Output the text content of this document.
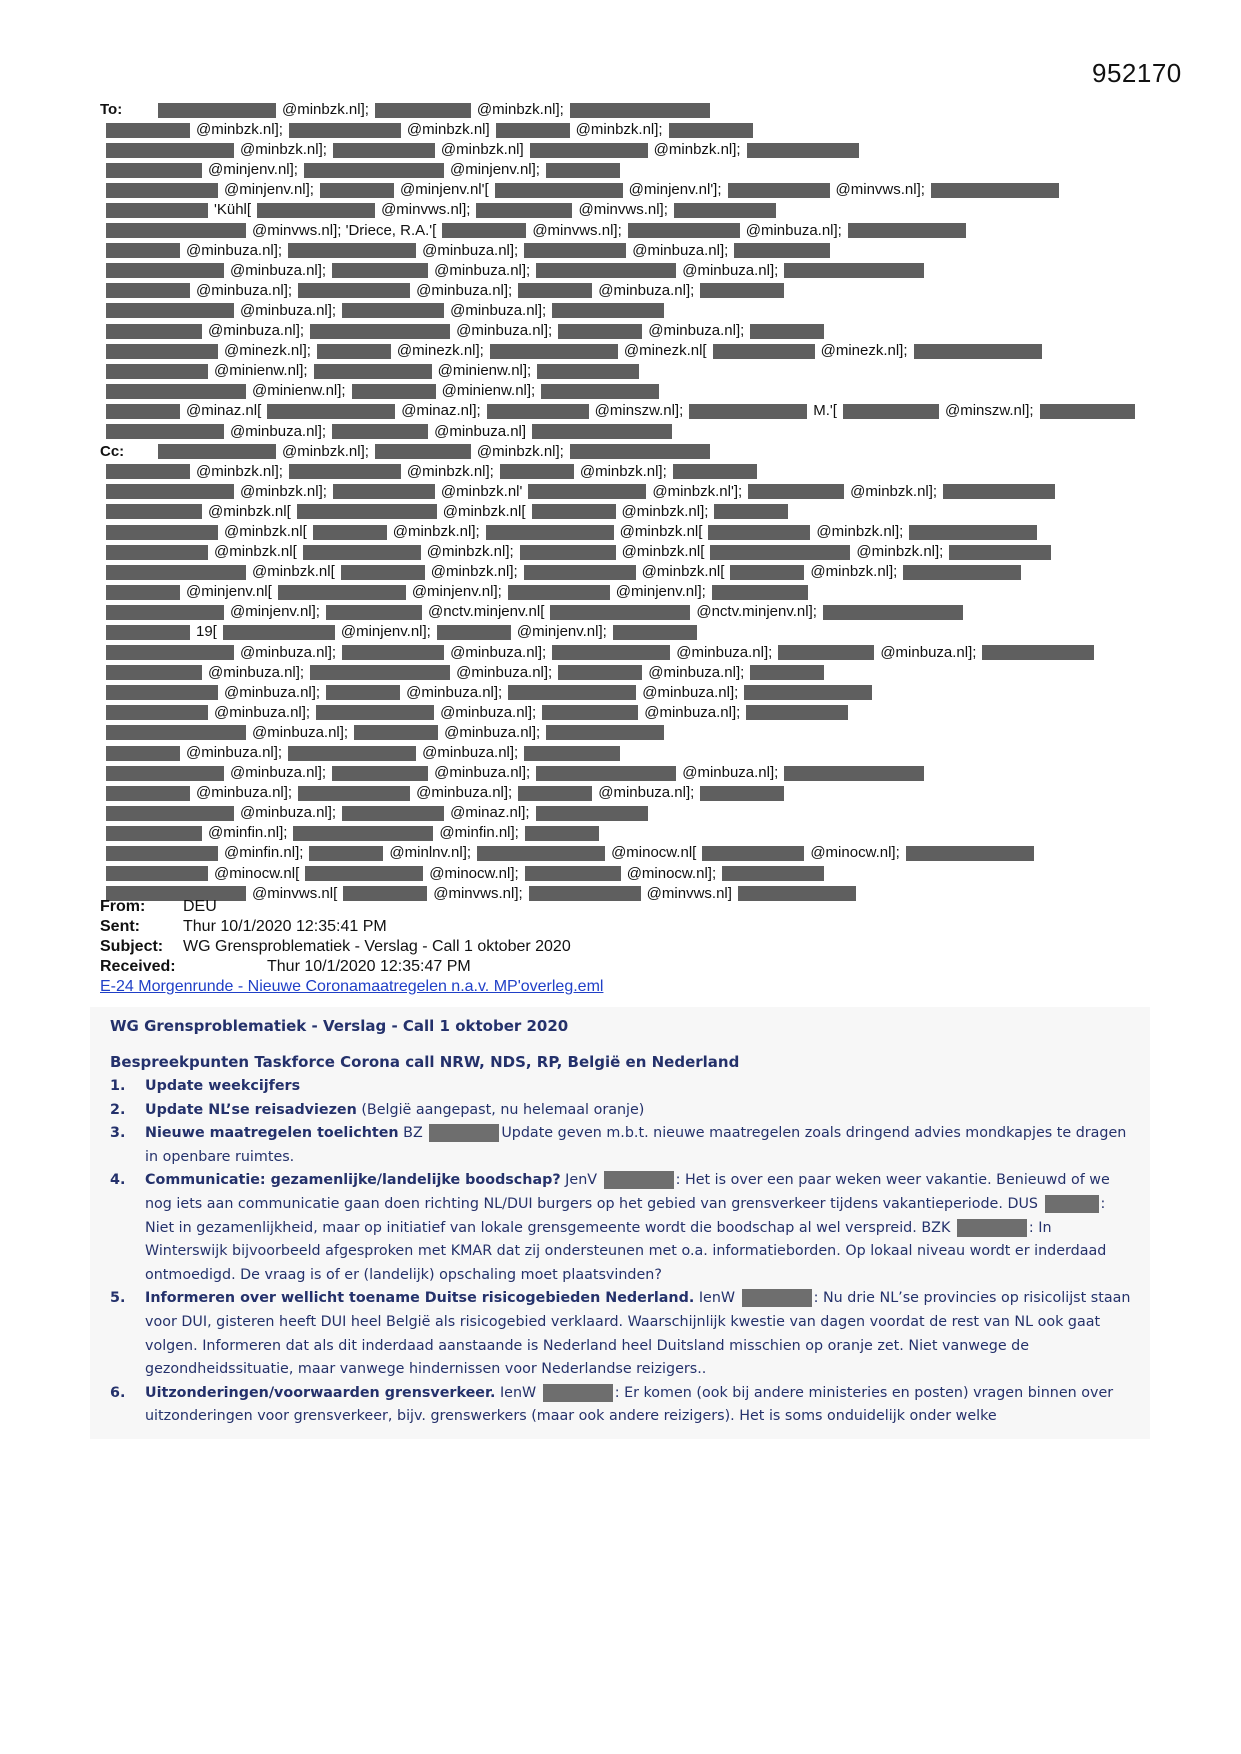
952170
To:	@minbzk.nl];	@minbzk.nl];
@minbzk.nl];	@minbzk.nl]	@minbzk.nl];
@minbzk.nl];	@minbzk.nl]	@minbzk.nl];
@minjenv.nl];	@minjenv.nl];
@minjenv.nl];	@minjenv.nl'[	@minjenv.nl'];	@minvws.nl];
'Kühl[	@minvws.nl];	@minvws.nl];
@minvws.nl]; 'Driece, R.A.'[	@minvws.nl];	@minbuza.nl];
@minbuza.nl];	@minbuza.nl];	@minbuza.nl];
@minbuza.nl];	@minbuza.nl];	@minbuza.nl];
@minbuza.nl];	@minbuza.nl];	@minbuza.nl];
@minbuza.nl];	@minbuza.nl];
@minbuza.nl];	@minbuza.nl];	@minbuza.nl];
@minezk.nl];	@minezk.nl];	@minezk.nl[	@minezk.nl];
@minienw.nl];	@minienw.nl];
@minienw.nl];	@minienw.nl];
@minaz.nl[	@minaz.nl];	@minszw.nl];	M.'[	@minszw.nl];
@minbuza.nl];	@minbuza.nl]
Cc:	@minbzk.nl];	@minbzk.nl];
@minbzk.nl];	@minbzk.nl];	@minbzk.nl];
@minbzk.nl];	@minbzk.nl'	@minbzk.nl'];	@minbzk.nl];
@minbzk.nl[	@minbzk.nl[	@minbzk.nl];
@minbzk.nl[	@minbzk.nl];	@minbzk.nl[	@minbzk.nl];
@minbzk.nl[	@minbzk.nl];	@minbzk.nl[	@minbzk.nl];
@minbzk.nl[	@minbzk.nl];	@minbzk.nl[	@minbzk.nl];
@minjenv.nl[	@minjenv.nl];	@minjenv.nl];
@minjenv.nl];	@nctv.minjenv.nl[	@nctv.minjenv.nl];
19[	@minjenv.nl];	@minjenv.nl];
@minbuza.nl];	@minbuza.nl];	@minbuza.nl];	@minbuza.nl];
@minbuza.nl];	@minbuza.nl];	@minbuza.nl];
@minbuza.nl];	@minbuza.nl];	@minbuza.nl];
@minbuza.nl];	@minbuza.nl];	@minbuza.nl];
@minbuza.nl];	@minbuza.nl];
@minbuza.nl];	@minbuza.nl];
@minbuza.nl];	@minbuza.nl];	@minbuza.nl];
@minbuza.nl];	@minbuza.nl];	@minbuza.nl];
@minbuza.nl];	@minaz.nl];
@minfin.nl];	@minfin.nl];
@minfin.nl];	@minlnv.nl];	@minocw.nl[	@minocw.nl];
@minocw.nl[	@minocw.nl];	@minocw.nl];
@minvws.nl[	@minvws.nl];	@minvws.nl]
From: DEU
Sent:	Thur 10/1/2020 12:35:41 PM
Subject: WG Grensproblematiek - Verslag - Call 1 oktober 2020
Received:	Thur 10/1/2020 12:35:47 PM
E-24 Morgenrunde - Nieuwe Coronamaatregelen n.a.v. MP'overleg.eml
WG Grensproblematiek - Verslag - Call 1 oktober 2020
Bespreekpunten Taskforce Corona call NRW, NDS, RP, België en Nederland
1. Update weekcijfers
2. Update NL’se reisadviezen (België aangepast, nu helemaal oranje)
3. Nieuwe maatregelen toelichten BZ	Update geven m.b.t. nieuwe maatregelen zoals dringend advies mondkapjes te dragen in openbare ruimtes.
4. Communicatie: gezamenlijke/landelijke boodschap? JenV	: Het is over een paar weken weer vakantie. Benieuwd of we nog iets aan communicatie gaan doen richting NL/DUI burgers op het gebied van grensverkeer tijdens vakantieperiode. DUS	: Niet in gezamenlijkheid, maar op initiatief van lokale grensgemeente wordt die boodschap al wel verspreid. BZK	: In Winterswijk bijvoorbeeld afgesproken met KMAR dat zij ondersteunen met o.a. informatieborden. Op lokaal niveau wordt er inderdaad ontmoedigd. De vraag is of er (landelijk) opschaling moet plaatsvinden?
5. Informeren over wellicht toename Duitse risicogebieden Nederland. IenW	: Nu drie NL’se provincies op risicolijst staan voor DUI, gisteren heeft DUI heel België als risicogebied verklaard. Waarschijnlijk kwestie van dagen voordat de rest van NL ook gaat volgen. Informeren dat als dit inderdaad aanstaande is Nederland heel Duitsland misschien op oranje zet. Niet vanwege de gezondheidssituatie, maar vanwege hindernissen voor Nederlandse reizigers..
6. Uitzonderingen/voorwaarden grensverkeer. IenW	: Er komen (ook bij andere ministeries en posten) vragen binnen over uitzonderingen voor grensverkeer, bijv. grenswerkers (maar ook andere reizigers). Het is soms onduidelijk onder welke
